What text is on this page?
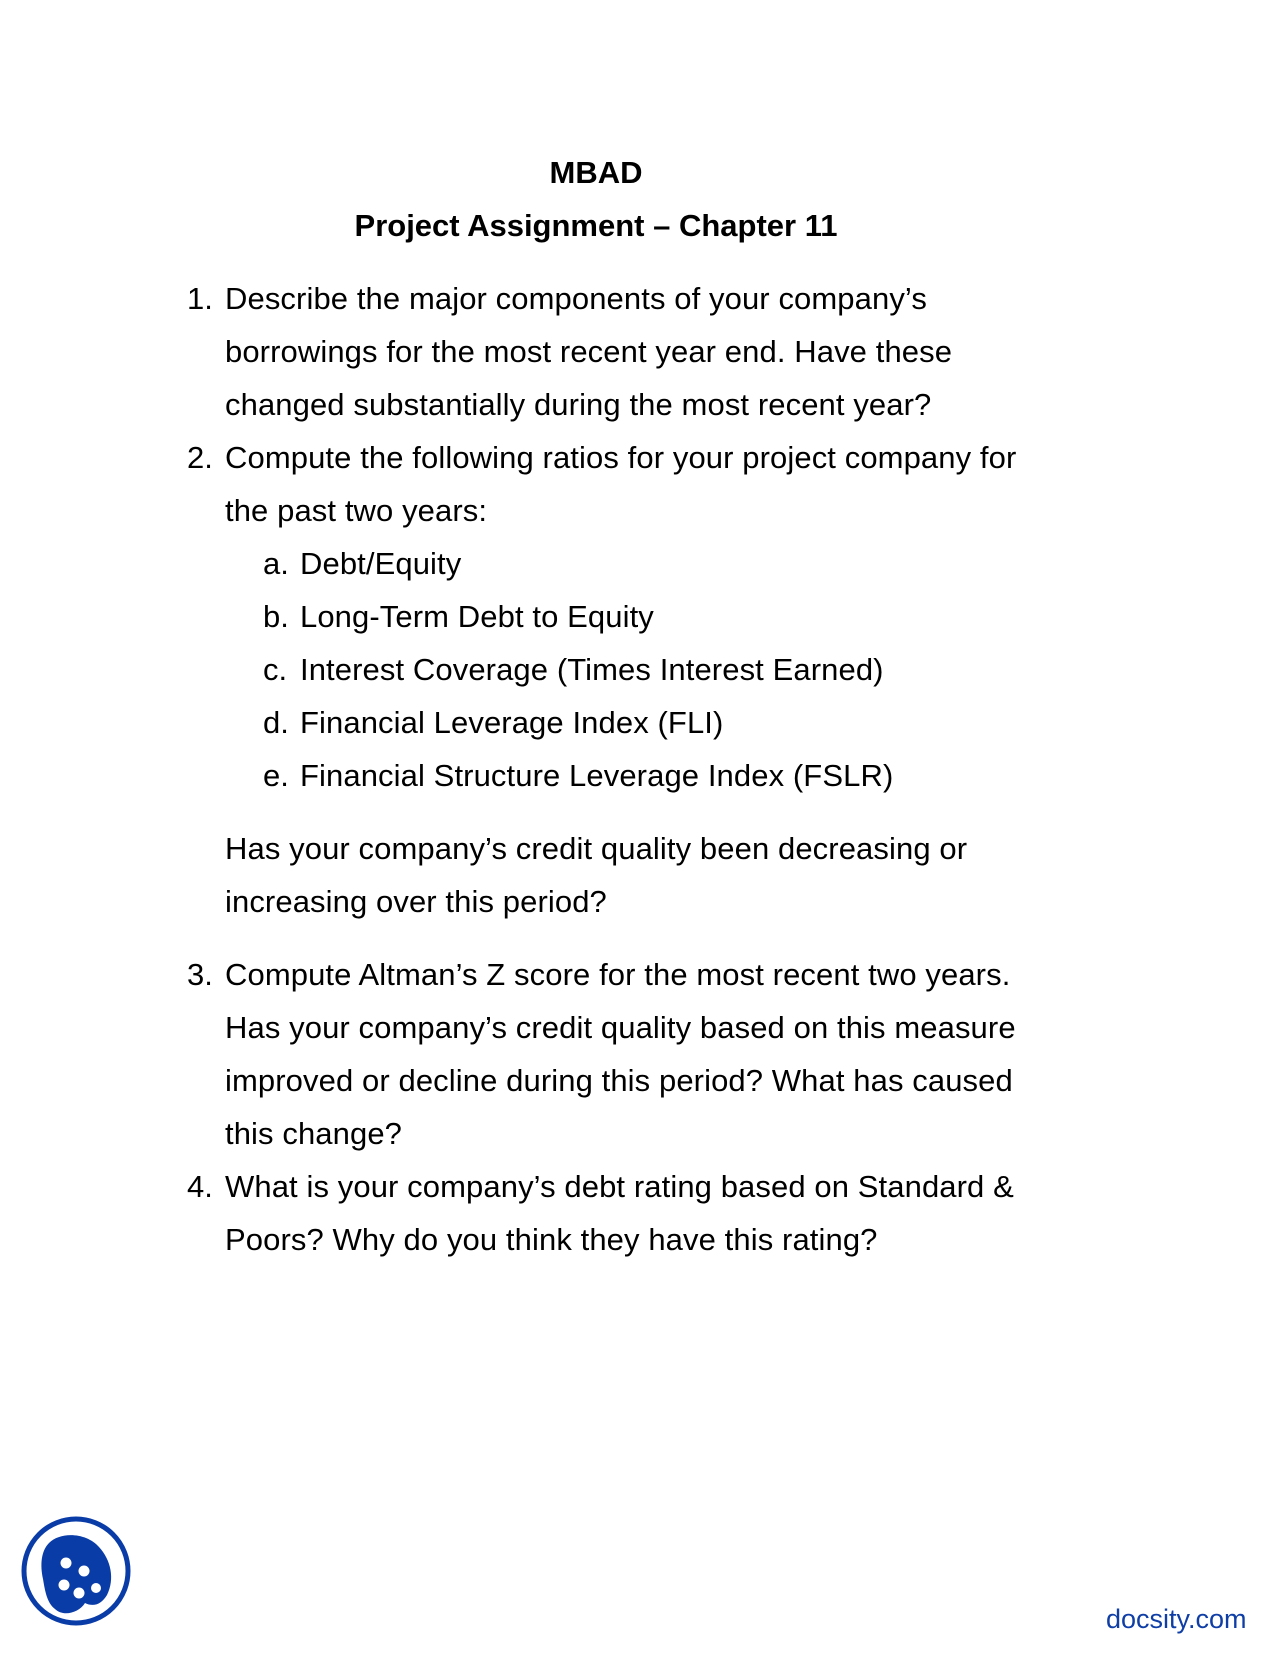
MBAD
Project Assignment – Chapter 11
1. Describe the major components of your company’s
borrowings for the most recent year end. Have these
changed substantially during the most recent year?
2. Compute the following ratios for your project company for
the past two years:
a. Debt/Equity
b. Long-Term Debt to Equity
c. Interest Coverage (Times Interest Earned)
d. Financial Leverage Index (FLI)
e. Financial Structure Leverage Index (FSLR)
Has your company’s credit quality been decreasing or
increasing over this period?
3. Compute Altman’s Z score for the most recent two years.
Has your company’s credit quality based on this measure
improved or decline during this period? What has caused
this change?
4. What is your company’s debt rating based on Standard &
Poors? Why do you think they have this rating?
docsity.com
